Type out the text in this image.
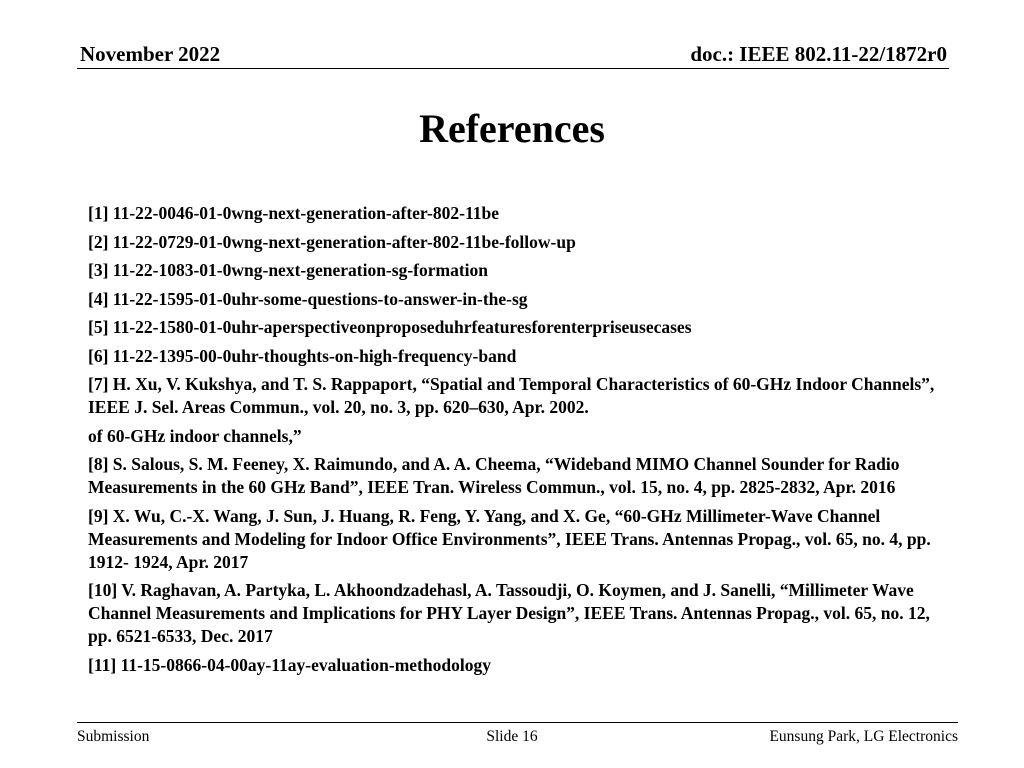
November 2022	doc.: IEEE 802.11-22/1872r0
References
[1] 11-22-0046-01-0wng-next-generation-after-802-11be
[2] 11-22-0729-01-0wng-next-generation-after-802-11be-follow-up
[3] 11-22-1083-01-0wng-next-generation-sg-formation
[4] 11-22-1595-01-0uhr-some-questions-to-answer-in-the-sg
[5] 11-22-1580-01-0uhr-aperspectiveonproposeduhrfeaturesforenterpriseusecases
[6] 11-22-1395-00-0uhr-thoughts-on-high-frequency-band
[7] H. Xu, V. Kukshya, and T. S. Rappaport, “Spatial and Temporal Characteristics of 60-GHz Indoor Channels”, IEEE J. Sel. Areas Commun., vol. 20, no. 3, pp. 620–630, Apr. 2002.
of 60-GHz indoor channels,”
[8] S. Salous, S. M. Feeney, X. Raimundo, and A. A. Cheema, “Wideband MIMO Channel Sounder for Radio Measurements in the 60 GHz Band”, IEEE Tran. Wireless Commun., vol. 15, no. 4, pp. 2825-2832, Apr. 2016
[9] X. Wu, C.-X. Wang, J. Sun, J. Huang, R. Feng, Y. Yang, and X. Ge, “60-GHz Millimeter-Wave Channel Measurements and Modeling for Indoor Office Environments”, IEEE Trans. Antennas Propag., vol. 65, no. 4, pp. 1912- 1924, Apr. 2017
[10] V. Raghavan, A. Partyka, L. Akhoondzadehasl, A. Tassoudji, O. Koymen, and J. Sanelli, “Millimeter Wave Channel Measurements and Implications for PHY Layer Design”, IEEE Trans. Antennas Propag., vol. 65, no. 12, pp. 6521-6533, Dec. 2017
[11] 11-15-0866-04-00ay-11ay-evaluation-methodology
Submission	Slide 16	Eunsung Park, LG Electronics
